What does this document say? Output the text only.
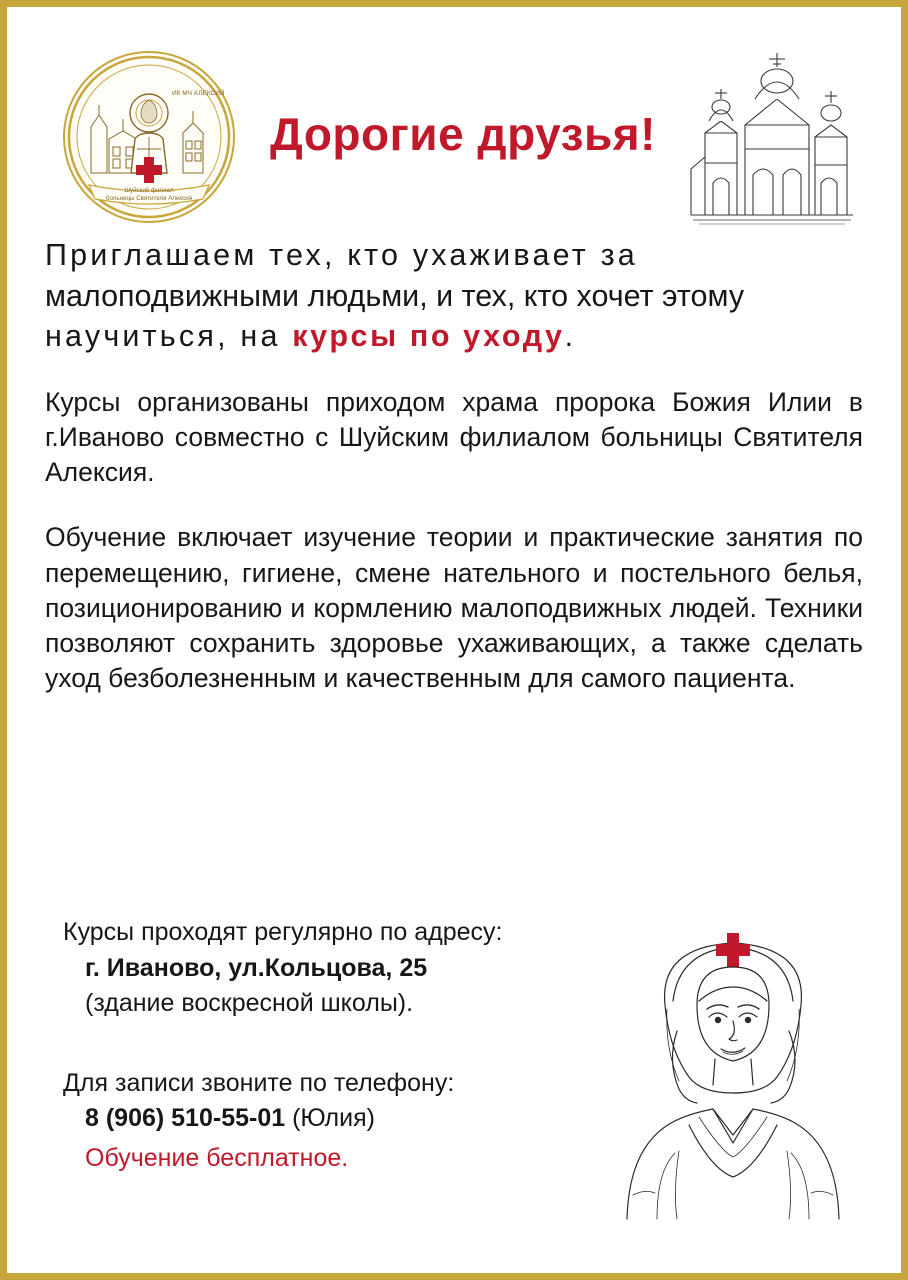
ИК МЧ АЛЕКСИЙ
Шуйский филиал
больницы Святителя Алексия
Дорогие друзья!
Приглашаем тех, кто ухаживает за
малоподвижными людьми, и тех, кто хочет этому
научиться, на курсы по уходу.
Курсы организованы приходом храма пророка Божия Илии в г.Иваново совместно с Шуйским филиалом больницы Святителя Алексия.
Обучение включает изучение теории и практические занятия по перемещению, гигиене, смене нательного и постельного белья, позиционированию и кормлению малоподвижных людей. Техники позволяют сохранить здоровье ухаживающих, а также сделать уход безболезненным и качественным для самого пациента.
Курсы проходят регулярно по адресу:
г. Иваново, ул.Кольцова, 25
(здание воскресной школы).
Для записи звоните по телефону:
8 (906) 510-55-01 (Юлия)
Обучение бесплатное.
